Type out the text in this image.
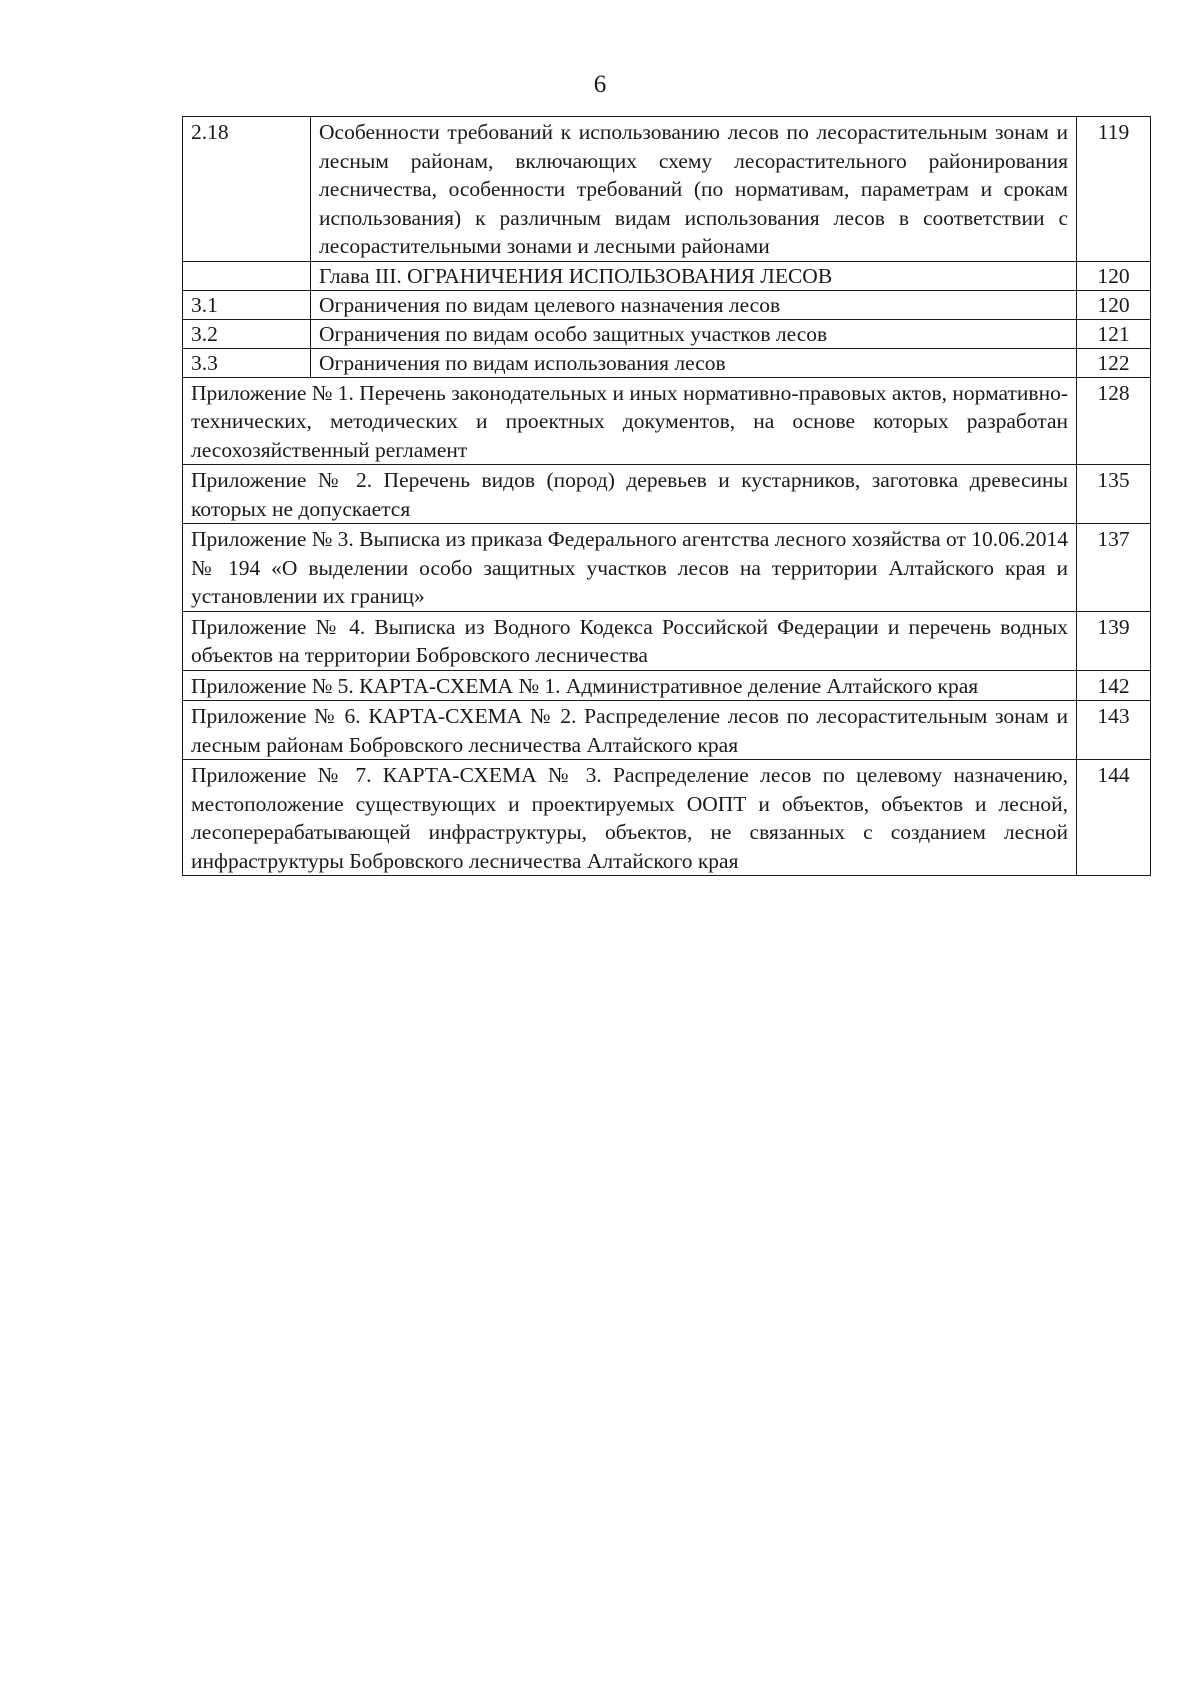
6
2.18	Особенности требований к использованию лесов по лесорастительным зонам и лесным районам, включающих схему лесорастительного районирования лесничества, особенности требований (по нормативам, параметрам и срокам использования) к различным видам использования лесов в соответствии с лесорастительными зонами и лесными районами	119
	Глава III. ОГРАНИЧЕНИЯ ИСПОЛЬЗОВАНИЯ ЛЕСОВ	120
3.1	Ограничения по видам целевого назначения лесов	120
3.2	Ограничения по видам особо защитных участков лесов	121
3.3	Ограничения по видам использования лесов	122
Приложение № 1. Перечень законодательных и иных нормативно-правовых актов, нормативно-технических, методических и проектных документов, на основе которых разработан лесохозяйственный регламент		128
Приложение № 2. Перечень видов (пород) деревьев и кустарников, заготовка древесины которых не допускается		135
Приложение № 3. Выписка из приказа Федерального агентства лесного хозяйства от 10.06.2014 № 194 «О выделении особо защитных участков лесов на территории Алтайского края и установлении их границ»		137
Приложение № 4. Выписка из Водного Кодекса Российской Федерации и перечень водных объектов на территории Бобровского лесничества		139
Приложение № 5. КАРТА-СХЕМА № 1. Административное деление Алтайского края		142
Приложение № 6. КАРТА-СХЕМА № 2. Распределение лесов по лесорастительным зонам и лесным районам Бобровского лесничества Алтайского края		143
Приложение № 7. КАРТА-СХЕМА № 3. Распределение лесов по целевому назначению, местоположение существующих и проектируемых ООПТ и объектов, объектов и лесной, лесоперерабатывающей инфраструктуры, объектов, не связанных с созданием лесной инфраструктуры Бобровского лесничества Алтайского края		144
